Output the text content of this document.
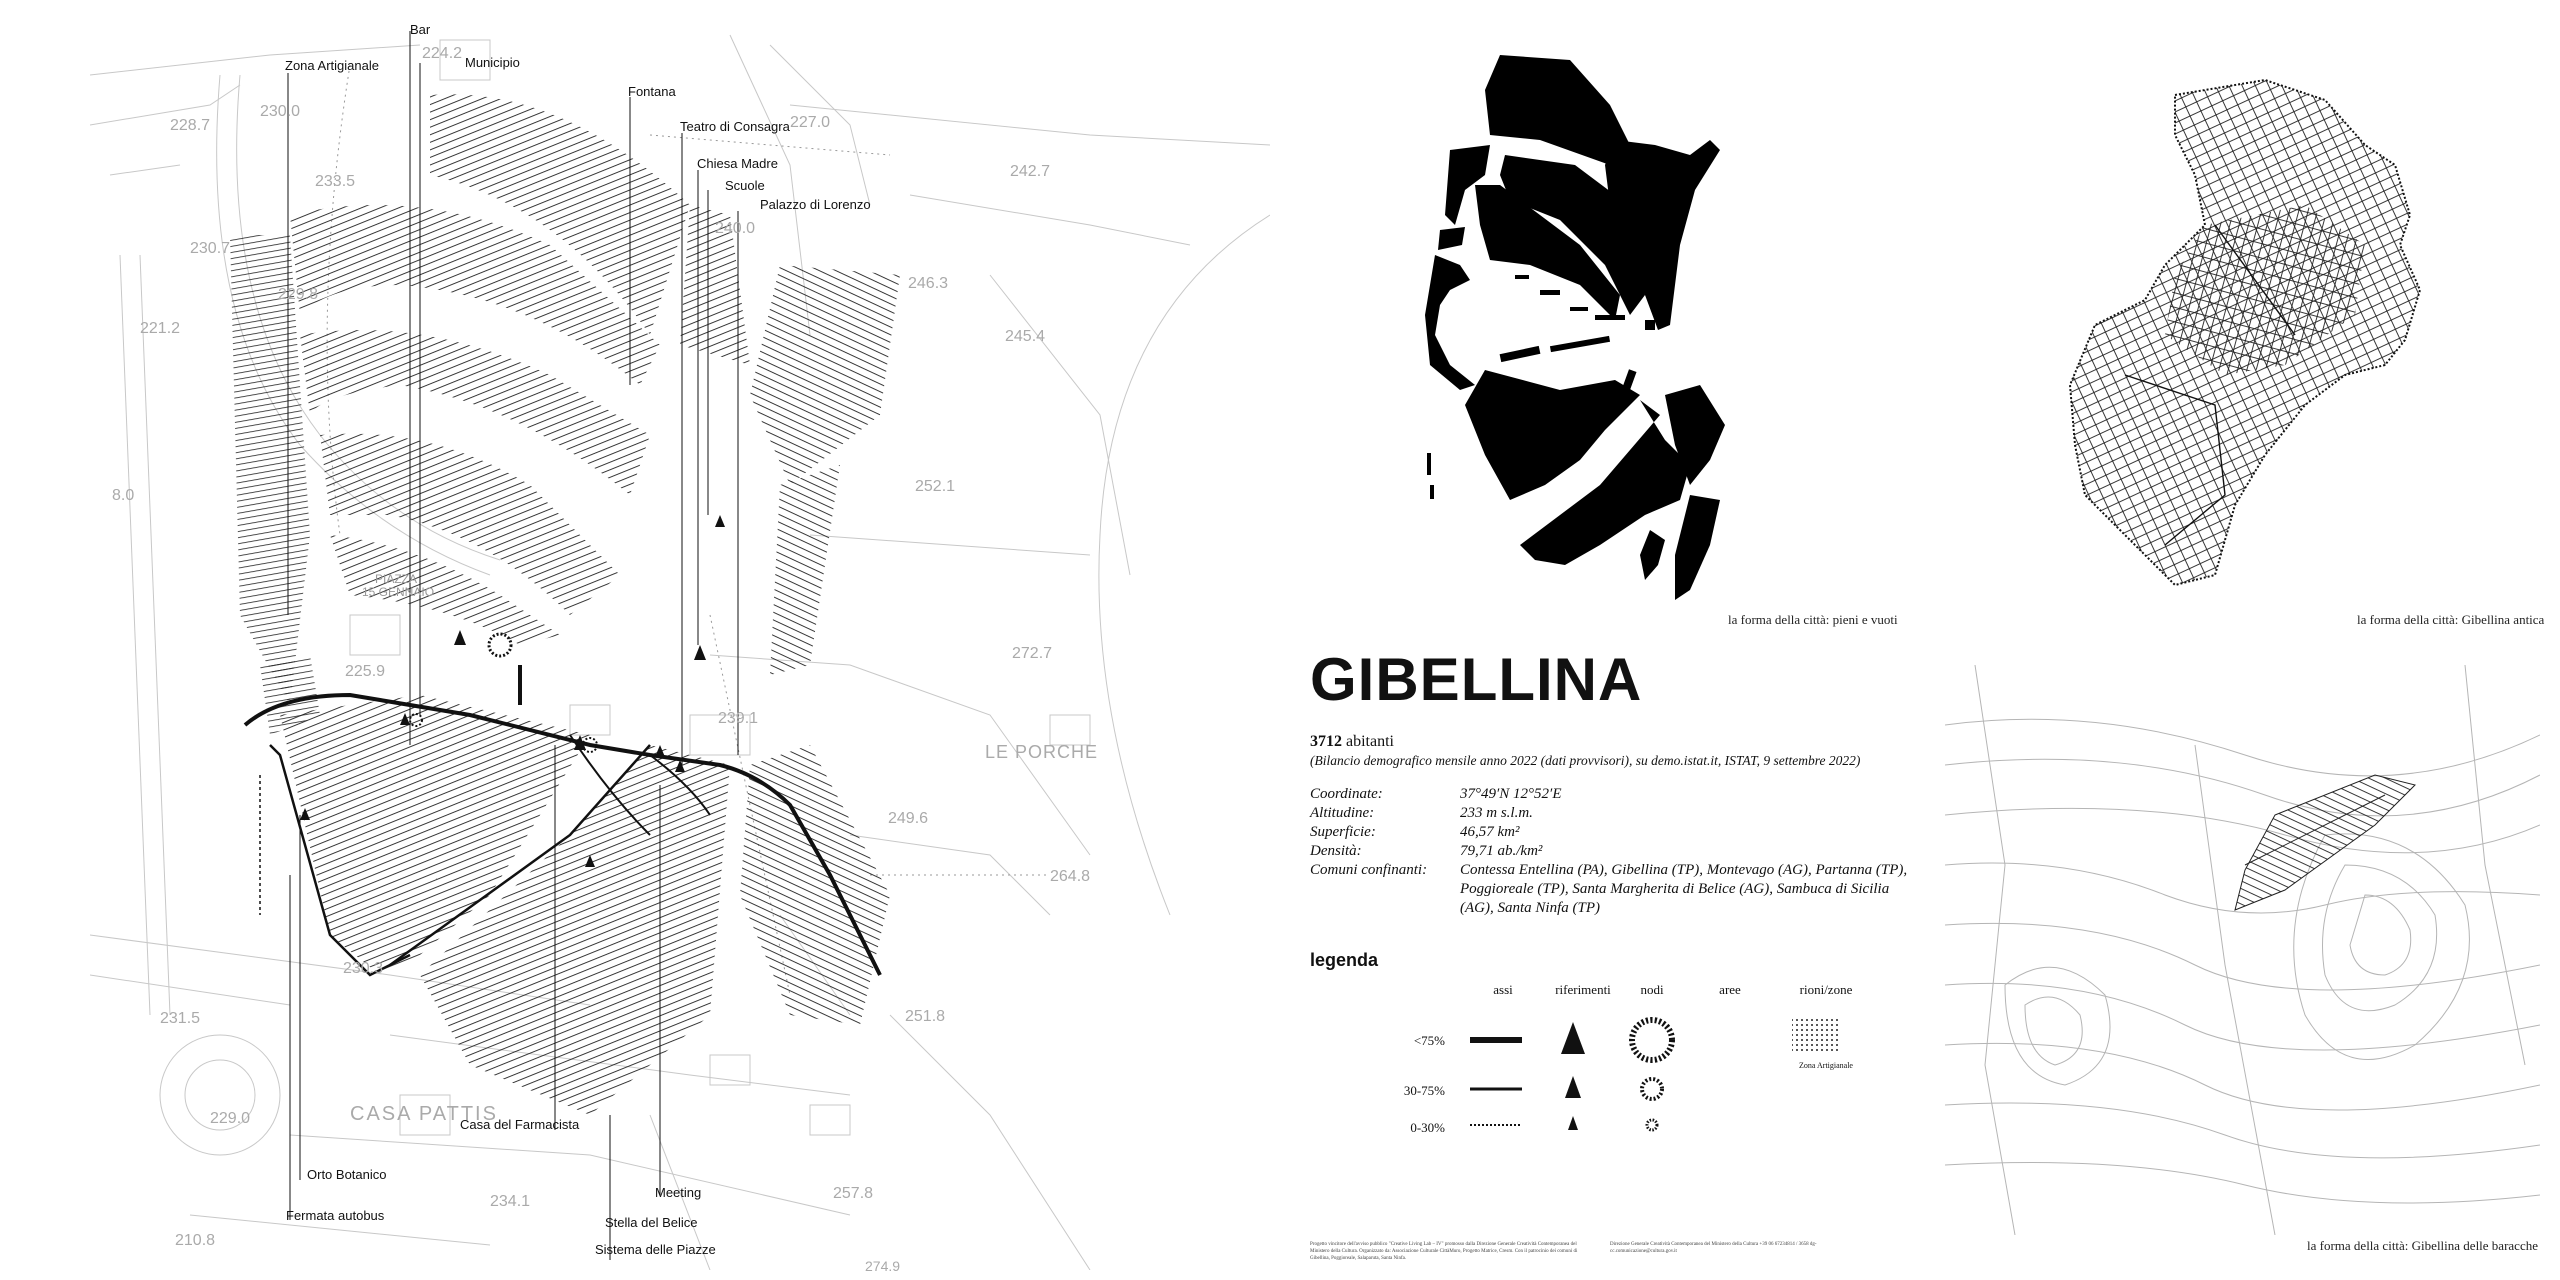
Zona Artigianale
Bar
Municipio
Fontana
Teatro di Consagra
Chiesa Madre
Scuole
Palazzo di Lorenzo
Casa del Farmacista
Orto Botanico
Fermata autobus
Meeting
Stella del Belice
Sistema delle Piazze
224.2
227.0
228.7
230.0
233.5
230.7
229.8
221.2
242.7
240.0
246.3
245.4
252.1
8.0
272.7
225.9
239.1
249.6
264.8
230.3
231.5	251.8
229.0
234.1	257.8
210.8
274.9
PIAZZA
15 GENNAIO
CASA PATTIS
LE PORCHE
la forma della città: pieni e vuoti	la forma della città: Gibellina antica
la forma della città: Gibellina delle baracche
GIBELLINA
3712 abitanti
(Bilancio demografico mensile anno 2022 (dati provvisori), su demo.istat.it, ISTAT, 9 settembre 2022)
Coordinate:	37°49′N 12°52′E
Altitudine:	233 m s.l.m.
Superficie:	46,57 km²
Densità:	79,71 ab./km²
Comuni confinanti:	Contessa Entellina (PA), Gibellina (TP), Montevago (AG), Partanna (TP), Poggioreale (TP), Santa Margherita di Belice (AG), Sambuca di Sicilia (AG), Santa Ninfa (TP)
legenda
assi	riferimenti	nodi	aree	rioni/zone
<75%
30-75%
0-30%
Zona Artigianale
Progetto vincitore dell'avviso pubblico "Creative Living Lab – IV" promosso dalla Direzione Generale Creatività Contemporanea del Ministero della Cultura. Organizzato da: Associazione Culturale CittàMuro, Progetto Matrice, Cresm. Con il patrocinio dei comuni di Gibellina, Poggioreale, Salaparuta, Santa Ninfa.
Direzione Generale Creatività Contemporanea del Ministero della Cultura +39 06 67234814 / 3658 dg-cc.comunicazione@cultura.gov.it
